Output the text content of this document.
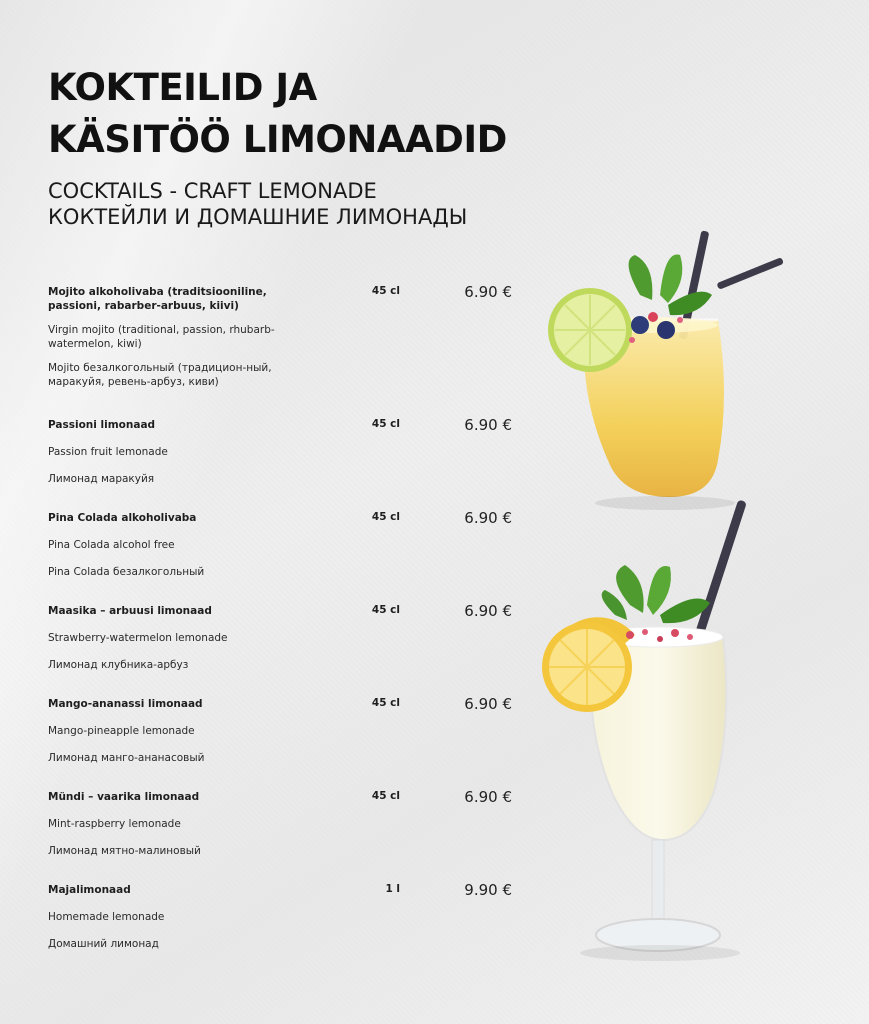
KOKTEILID JA
KÄSITÖÖ LIMONAADID
COCKTAILS - CRAFT LEMONADE
КОКТЕЙЛИ И ДОМАШНИЕ ЛИМОНАДЫ

Mojito alkoholivaba (traditsiooniline, passioni, rabarber-arbuus, kiivi)

Virgin mojito (traditional, passion, rhubarb-watermelon, kiwi)

Mojito безалкогольный (традицион-ный, маракуйя, ревень-арбуз, киви)

45 cl	6.90 €

Passioni limonaad

Passion fruit lemonade

Лимонад маракуйя

45 cl	6.90 €

Pina Colada alkoholivaba

Pina Colada alcohol free

Pina Colada безалкогольный

45 cl	6.90 €

Maasika – arbuusi limonaad

Strawberry-watermelon lemonade

Лимонад клубника-арбуз

45 cl	6.90 €

Mango-ananassi limonaad

Mango-pineapple lemonade

Лимонад манго-ананасовый

45 cl	6.90 €

Mündi – vaarika limonaad

Mint-raspberry lemonade

Лимонад мятно-малиновый

45 cl	6.90 €

Majalimonaad

Homemade lemonade

Домашний лимонад

1 l	9.90 €
